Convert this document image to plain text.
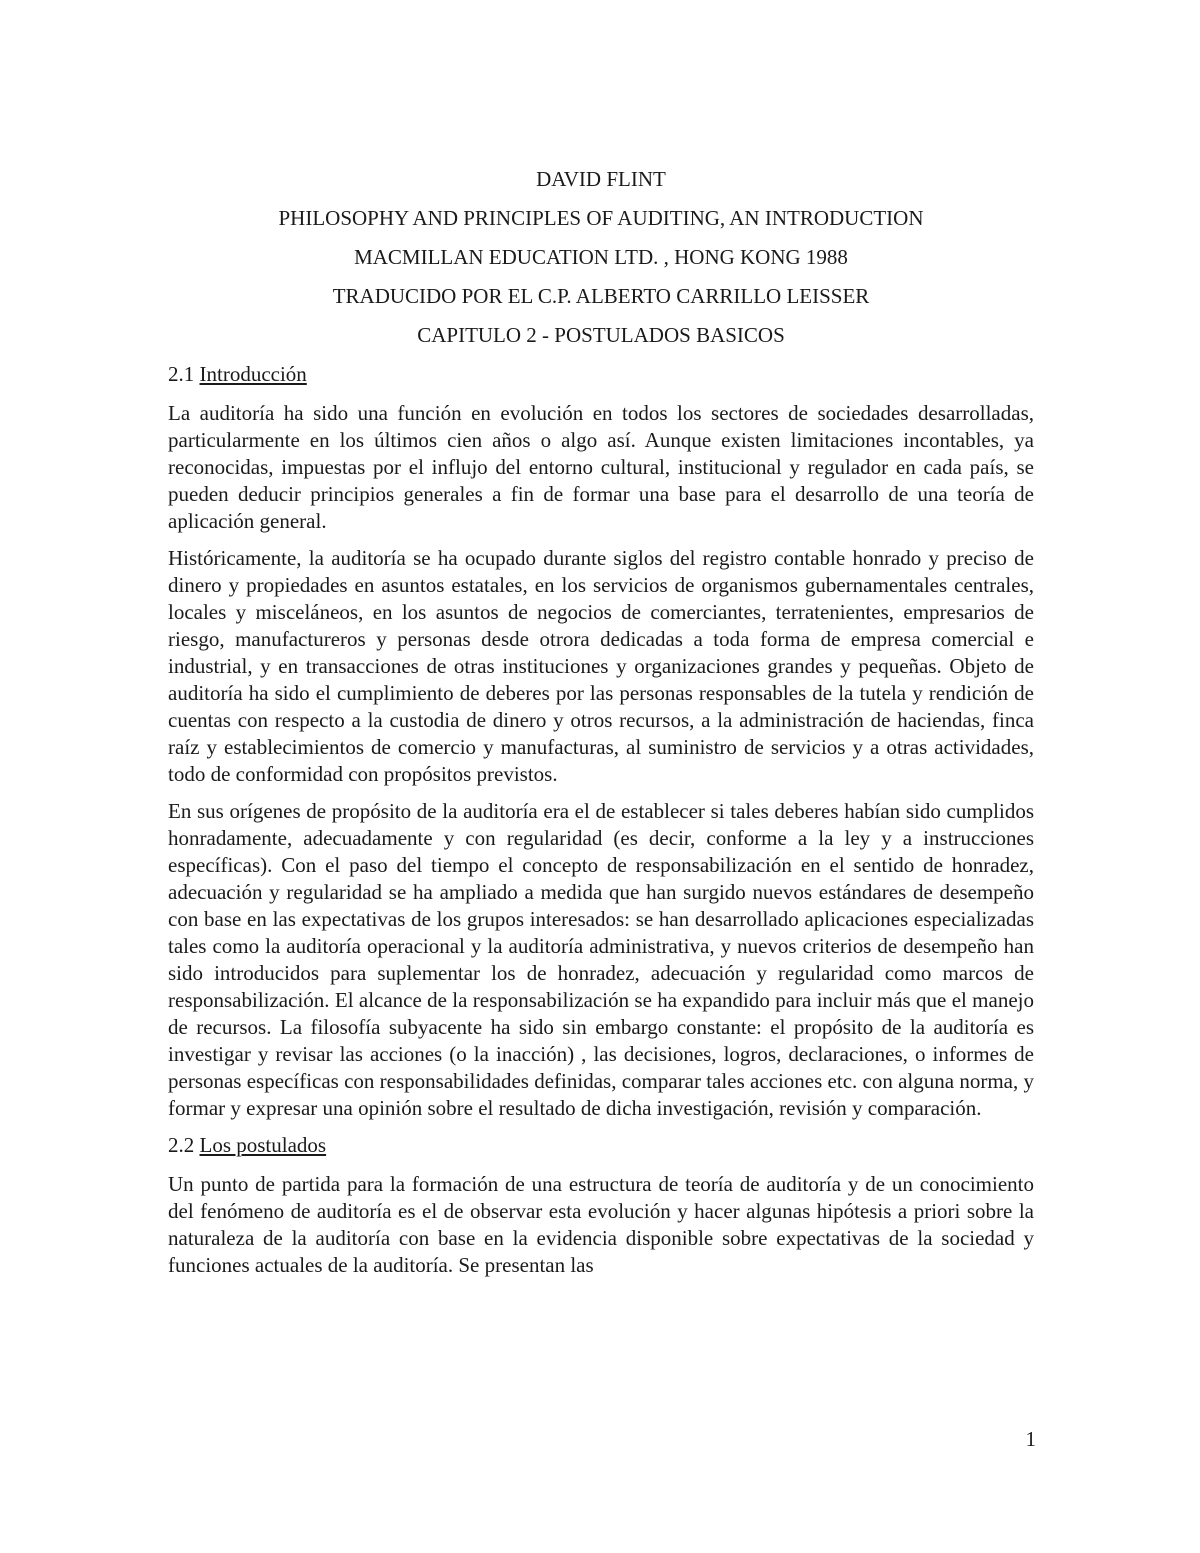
DAVID FLINT
PHILOSOPHY AND PRINCIPLES OF AUDITING, AN INTRODUCTION
MACMILLAN EDUCATION LTD. , HONG KONG 1988
TRADUCIDO POR EL C.P. ALBERTO CARRILLO LEISSER
CAPITULO 2 - POSTULADOS BASICOS
2.1 Introducción

La auditoría ha sido una función en evolución en todos los sectores de sociedades desarrolladas, particularmente en los últimos cien años o algo así. Aunque existen limitaciones incontables, ya reconocidas, impuestas por el influjo del entorno cultural, institucional y regulador en cada país, se pueden deducir principios generales a fin de formar una base para el desarrollo de una teoría de aplicación general.

Históricamente, la auditoría se ha ocupado durante siglos del registro contable honrado y preciso de dinero y propiedades en asuntos estatales, en los servicios de organismos gubernamentales centrales, locales y misceláneos, en los asuntos de negocios de comerciantes, terratenientes, empresarios de riesgo, manufactureros y personas desde otrora dedicadas a toda forma de empresa comercial e industrial, y en transacciones de otras instituciones y organizaciones grandes y pequeñas. Objeto de auditoría ha sido el cumplimiento de deberes por las personas responsables de la tutela y rendición de cuentas con respecto a la custodia de dinero y otros recursos, a la administración de haciendas, finca raíz y establecimientos de comercio y manufacturas, al suministro de servicios y a otras actividades, todo de conformidad con propósitos previstos.

En sus orígenes de propósito de la auditoría era el de establecer si tales deberes habían sido cumplidos honradamente, adecuadamente y con regularidad (es decir, conforme a la ley y a instrucciones específicas). Con el paso del tiempo el concepto de responsabilización en el sentido de honradez, adecuación y regularidad se ha ampliado a medida que han surgido nuevos estándares de desempeño con base en las expectativas de los grupos interesados: se han desarrollado aplicaciones especializadas tales como la auditoría operacional y la auditoría administrativa, y nuevos criterios de desempeño han sido introducidos para suplementar los de honradez, adecuación y regularidad como marcos de responsabilización. El alcance de la responsabilización se ha expandido para incluir más que el manejo de recursos. La filosofía subyacente ha sido sin embargo constante: el propósito de la auditoría es investigar y revisar las acciones (o la inacción) , las decisiones, logros, declaraciones, o informes de personas específicas con responsabilidades definidas, comparar tales acciones etc. con alguna norma, y formar y expresar una opinión sobre el resultado de dicha investigación, revisión y comparación.

2.2 Los postulados

Un punto de partida para la formación de una estructura de teoría de auditoría y de un conocimiento del fenómeno de auditoría es el de observar esta evolución y hacer algunas hipótesis a priori sobre la naturaleza de la auditoría con base en la evidencia disponible sobre expectativas de la sociedad y funciones actuales de la auditoría. Se presentan las

1
